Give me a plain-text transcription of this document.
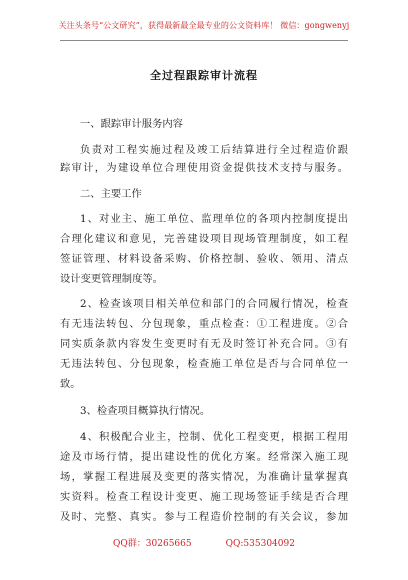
关注头条号“公文研究”，获得最新最全最专业的公文资料库！ 微信：gongwenyj
全过程跟踪审计流程
一、跟踪审计服务内容
负责对工程实施过程及竣工后结算进行全过程造价跟
踪审计，为建设单位合理使用资金提供技术支持与服务。
二、主要工作
1、对业主、施工单位、监理单位的各项内控制度提出
合理化建议和意见，完善建设项目现场管理制度，如工程
签证管理、材料设备采购、价格控制、验收、领用、清点
设计变更管理制度等。
2、检查该项目相关单位和部门的合同履行情况，检查
有无违法转包、分包现象，重点检查：①工程进度。②合
同实质条款内容发生变更时有无及时签订补充合同。③有
无违法转包、分包现象，检查施工单位是否与合同单位一
致。
3、检查项目概算执行情况。
4、积极配合业主，控制、优化工程变更，根据工程用
途及市场行情，提出建设性的优化方案。经常深入施工现
场，掌握工程进展及变更的落实情况，为准确计量掌握真
实资料。检查工程设计变更、施工现场签证手续是否合理
及时、完整、真实。参与工程造价控制的有关会议，参加
QQ群：30265665	QQ:535304092
